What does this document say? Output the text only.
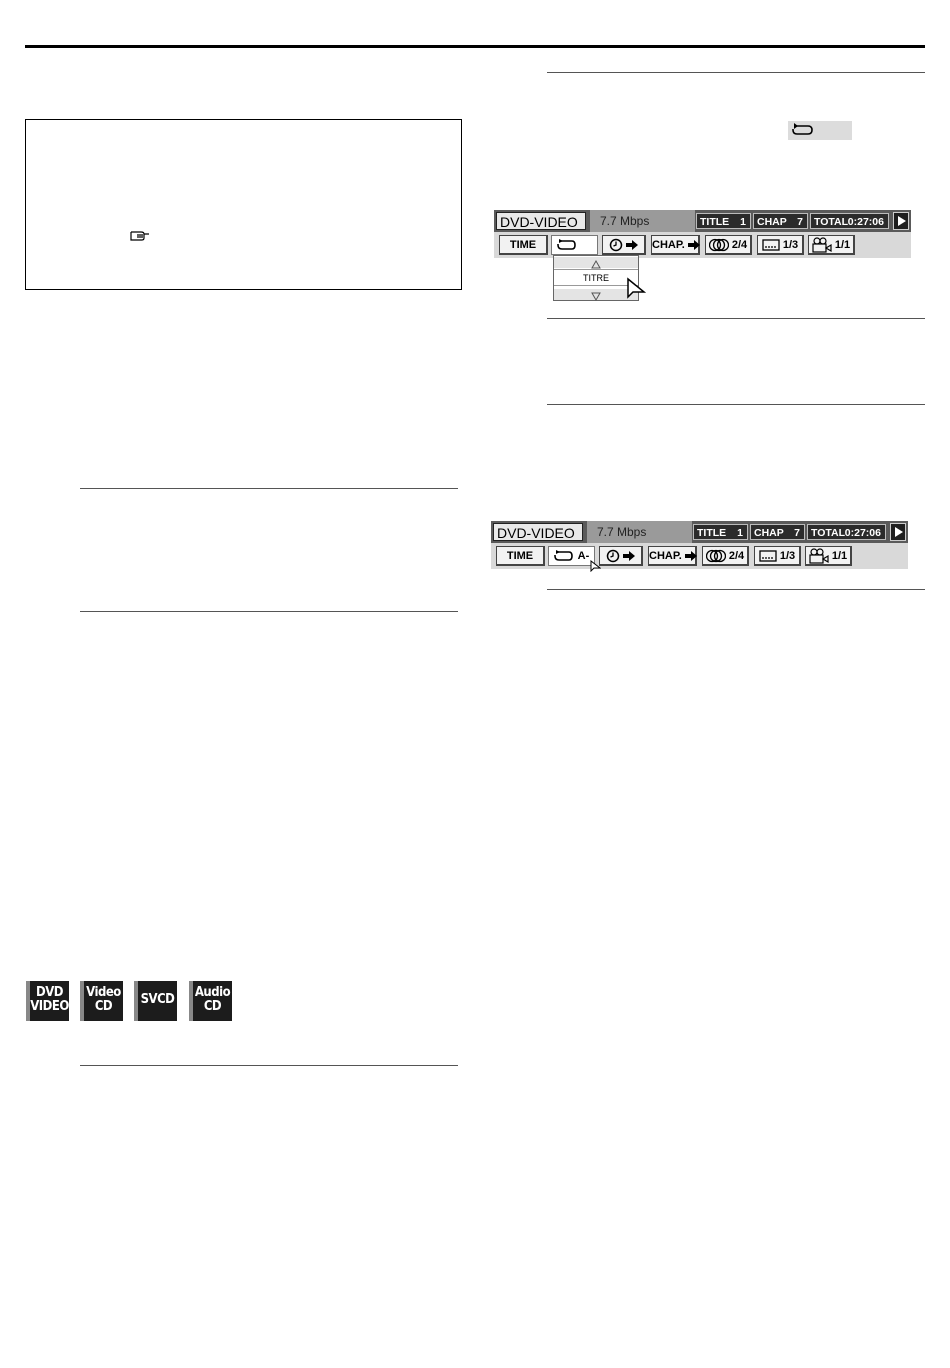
DVD
VIDEO
Video
CD	SVCD Audio
CD
DVD-VIDEO	7.7 Mbps	TITLE 1	CHAP 7	TOTAL 0:27:06
TIME
	CHAP.	2/4	1/3	1/1
TITRE
DVD-VIDEO	7.7 Mbps	TITLE 1	CHAP 7	TOTAL 0:27:06
TIME	A-
	CHAP.	2/4	1/3	1/1
